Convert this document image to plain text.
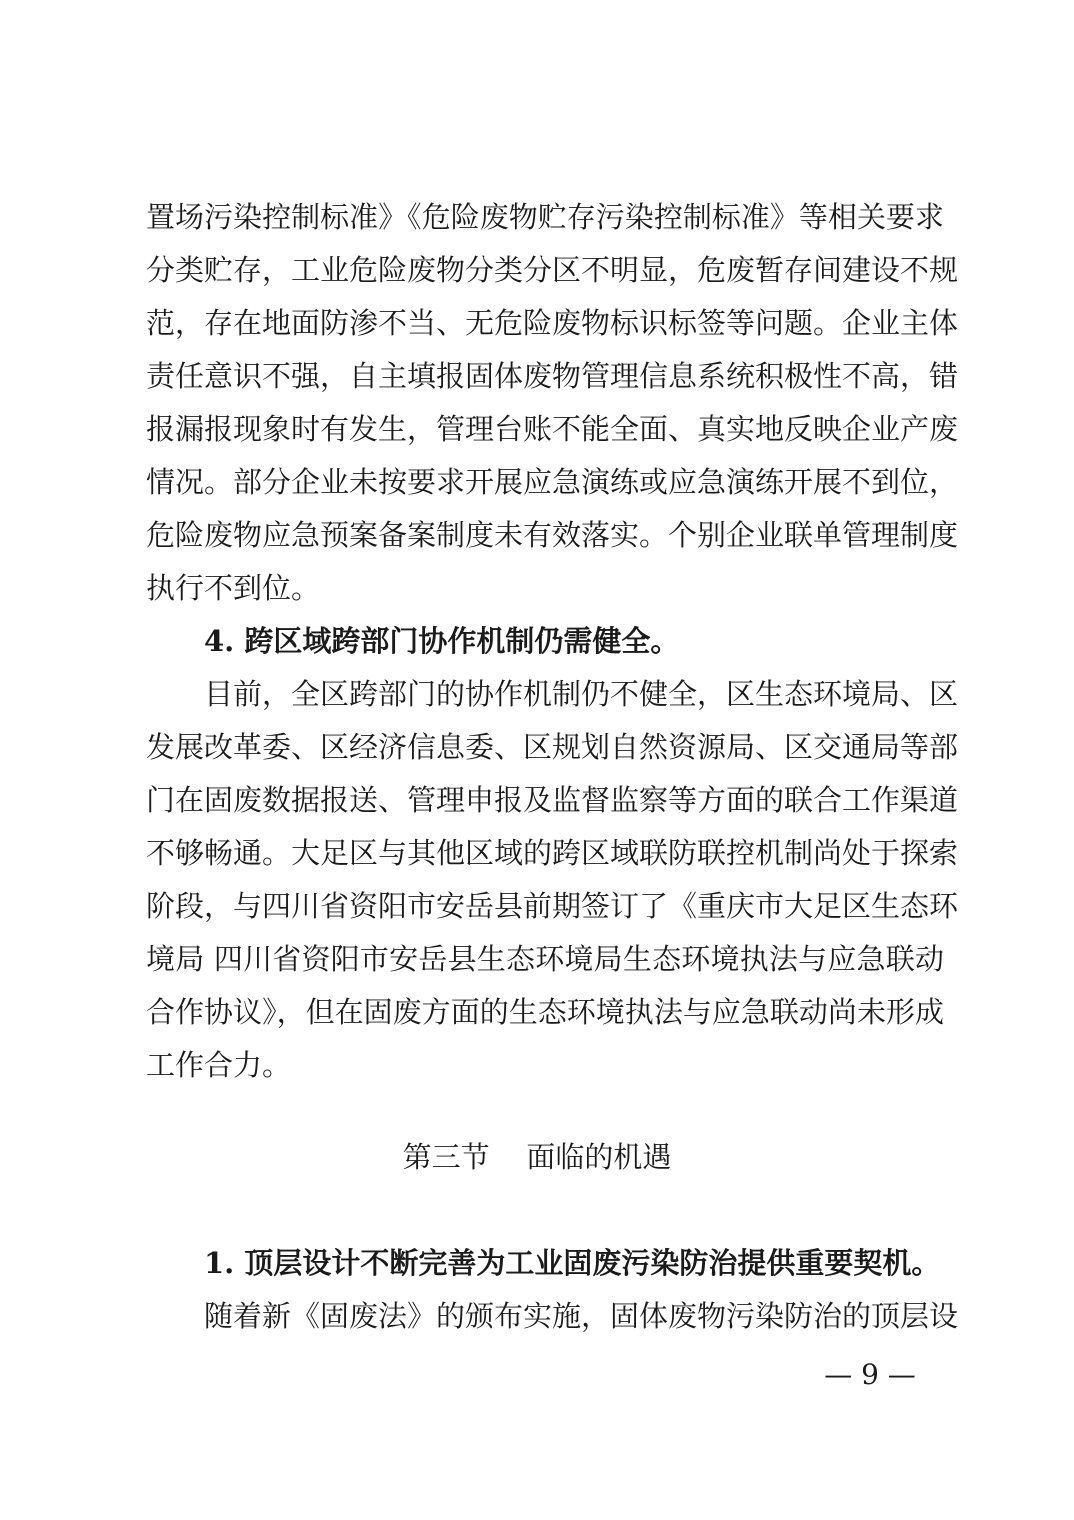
置场污染控制标准》《危险废物贮存污染控制标准》等相关要求
分类贮存，工业危险废物分类分区不明显，危废暂存间建设不规
范，存在地面防渗不当、无危险废物标识标签等问题。企业主体
责任意识不强，自主填报固体废物管理信息系统积极性不高，错
报漏报现象时有发生，管理台账不能全面、真实地反映企业产废
情况。部分企业未按要求开展应急演练或应急演练开展不到位，
危险废物应急预案备案制度未有效落实。个别企业联单管理制度
执行不到位。
4. 跨区域跨部门协作机制仍需健全。
目前，全区跨部门的协作机制仍不健全，区生态环境局、区
发展改革委、区经济信息委、区规划自然资源局、区交通局等部
门在固废数据报送、管理申报及监督监察等方面的联合工作渠道
不够畅通。大足区与其他区域的跨区域联防联控机制尚处于探索
阶段，与四川省资阳市安岳县前期签订了《重庆市大足区生态环
境局 四川省资阳市安岳县生态环境局生态环境执法与应急联动
合作协议》，但在固废方面的生态环境执法与应急联动尚未形成
工作合力。
第三节    面临的机遇
1. 顶层设计不断完善为工业固废污染防治提供重要契机。
随着新《固废法》的颁布实施，固体废物污染防治的顶层设
— 9 —
